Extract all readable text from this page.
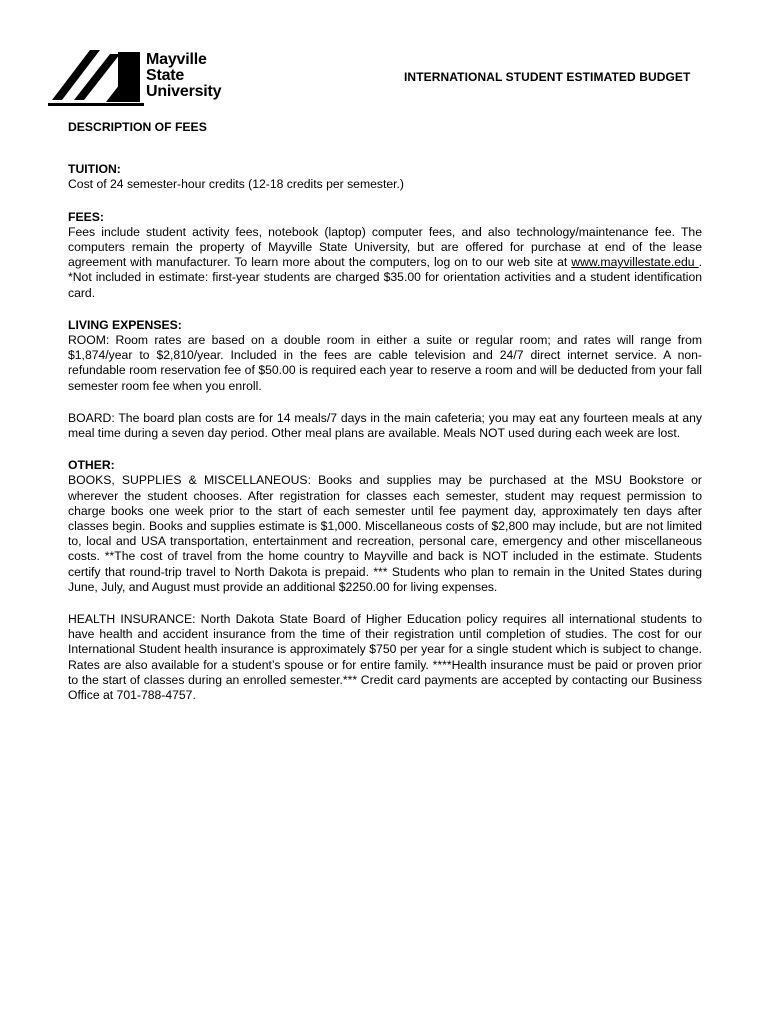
Mayville
State
University
INTERNATIONAL STUDENT ESTIMATED BUDGET

DESCRIPTION OF FEES

TUITION:

Cost of 24 semester-hour credits (12-18 credits per semester.)

FEES:

Fees include student activity fees, notebook (laptop) computer fees, and also technology/maintenance fee. The computers remain the property of Mayville State University, but are offered for purchase at end of the lease agreement with manufacturer. To learn more about the computers, log on to our web site at www.mayvillestate.edu . *Not included in estimate: first-year students are charged $35.00 for orientation activities and a student identification card.

LIVING EXPENSES:

ROOM: Room rates are based on a double room in either a suite or regular room; and rates will range from $1,874/year to $2,810/year. Included in the fees are cable television and 24/7 direct internet service. A non-refundable room reservation fee of $50.00 is required each year to reserve a room and will be deducted from your fall semester room fee when you enroll.

BOARD: The board plan costs are for 14 meals/7 days in the main cafeteria; you may eat any fourteen meals at any meal time during a seven day period. Other meal plans are available. Meals NOT used during each week are lost.

OTHER:

BOOKS, SUPPLIES & MISCELLANEOUS: Books and supplies may be purchased at the MSU Bookstore or wherever the student chooses. After registration for classes each semester, student may request permission to charge books one week prior to the start of each semester until fee payment day, approximately ten days after classes begin. Books and supplies estimate is $1,000. Miscellaneous costs of $2,800 may include, but are not limited to, local and USA transportation, entertainment and recreation, personal care, emergency and other miscellaneous costs. **The cost of travel from the home country to Mayville and back is NOT included in the estimate. Students certify that round-trip travel to North Dakota is prepaid. *** Students who plan to remain in the United States during June, July, and August must provide an additional $2250.00 for living expenses.

HEALTH INSURANCE: North Dakota State Board of Higher Education policy requires all international students to have health and accident insurance from the time of their registration until completion of studies. The cost for our International Student health insurance is approximately $750 per year for a single student which is subject to change. Rates are also available for a student’s spouse or for entire family. ****Health insurance must be paid or proven prior to the start of classes during an enrolled semester.*** Credit card payments are accepted by contacting our Business Office at 701-788-4757.
